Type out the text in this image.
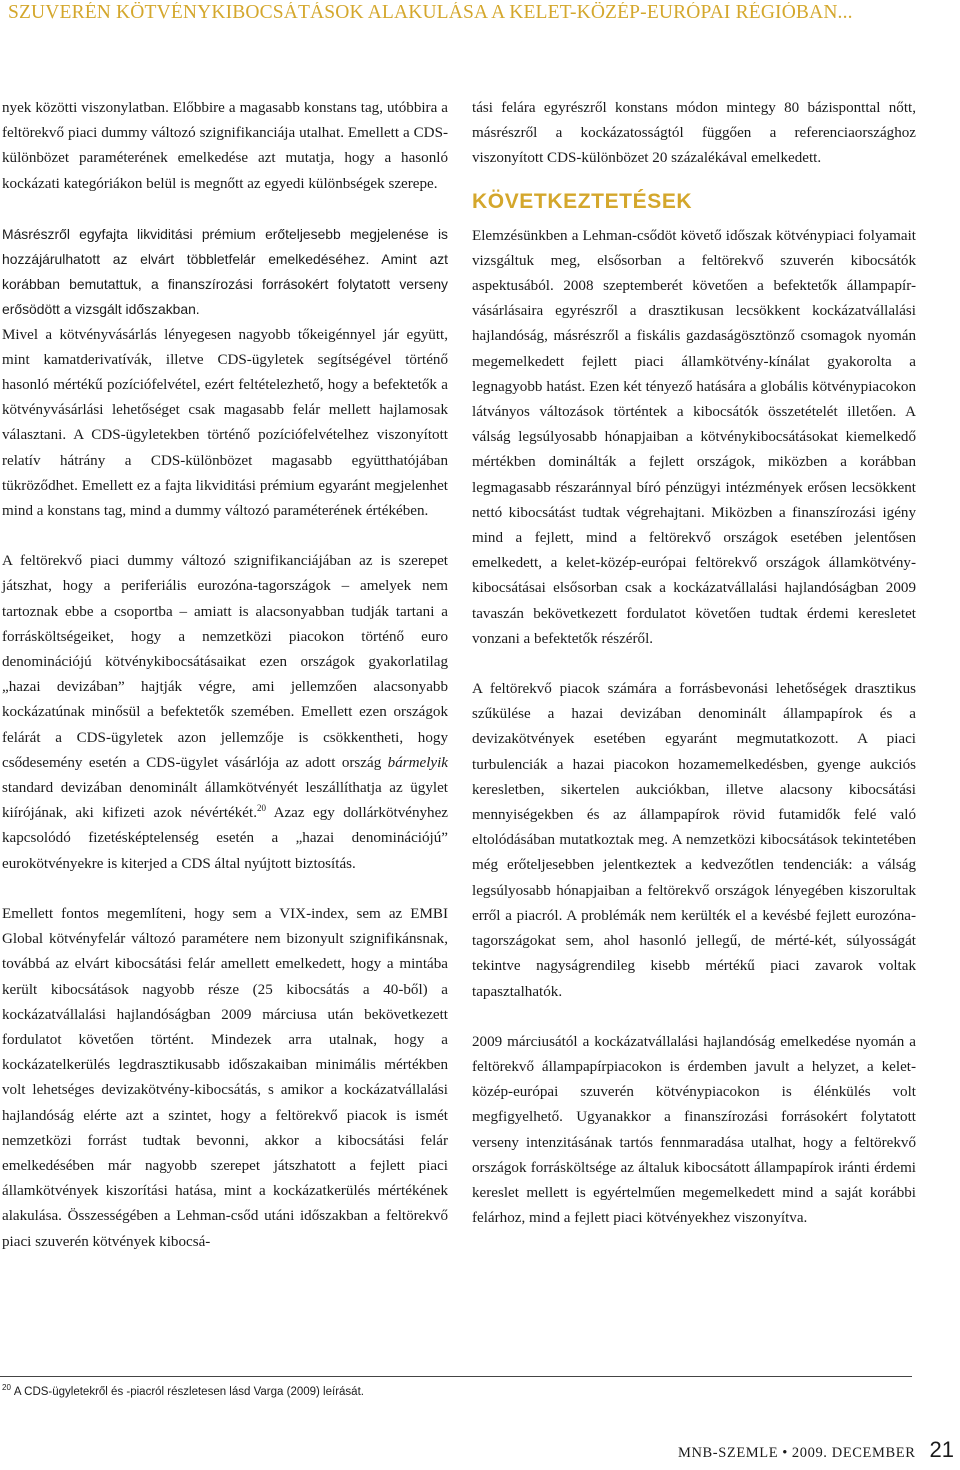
SZUVERÉN KÖTVÉNYKIBOCSÁTÁSOK ALAKULÁSA A KELET-KÖZÉP-EURÓPAI RÉGIÓBAN...

nyek közötti viszonylatban. Előbbire a magasabb konstans tag, utóbbira a feltörekvő piaci dummy változó szignifikanciája utalhat. Emellett a CDS-különbözet paraméterének emelkedése azt mutatja, hogy a hasonló kockázati kategóriákon belül is megnőtt az egyedi különbségek szerepe.

Másrészről egyfajta likviditási prémium erőteljesebb megjelenése is hozzájárulhatott az elvárt többletfelár emelkedéséhez. Amint azt korábban bemutattuk, a finanszírozási forrásokért folytatott verseny erősödött a vizsgált időszakban.

Mivel a kötvényvásárlás lényegesen nagyobb tőkeigénnyel jár együtt, mint kamatderivatívák, illetve CDS-ügyletek segítségével történő hasonló mértékű pozíciófelvétel, ezért feltételezhető, hogy a befektetők a kötvényvásárlási lehetőséget csak magasabb felár mellett hajlamosak választani. A CDS-ügyletekben történő pozíciófelvételhez viszonyított relatív hátrány a CDS-különbözet magasabb együtthatójában tükröződhet. Emellett ez a fajta likviditási prémium egyaránt megjelenhet mind a konstans tag, mind a dummy változó paraméterének értékében.

A feltörekvő piaci dummy változó szignifikanciájában az is szerepet játszhat, hogy a periferiális eurozóna-tagországok – amelyek nem tartoznak ebbe a csoportba – amiatt is alacsonyabban tudják tartani a forrásköltségeiket, hogy a nemzetközi piacokon történő euro denominációjú kötvénykibocsátásaikat ezen országok gyakorlatilag „hazai devizában” hajtják végre, ami jellemzően alacsonyabb kockázatúnak minősül a befektetők szemében. Emellett ezen országok felárát a CDS-ügyletek azon jellemzője is csökkentheti, hogy csődesemény esetén a CDS-ügylet vásárlója az adott ország bármelyik standard devizában denominált államkötvényét leszállíthatja az ügylet kiírójának, aki kifizeti azok névértékét.$^{20}$ Azaz egy dollárkötvényhez kapcsolódó fizetésképtelenség esetén a „hazai denominációjú” eurokötvényekre is kiterjed a CDS által nyújtott biztosítás.

Emellett fontos megemlíteni, hogy sem a VIX-index, sem az EMBI Global kötvényfelár változó paramétere nem bizonyult szignifikánsnak, továbbá az elvárt kibocsátási felár amellett emelkedett, hogy a mintába került kibocsátások nagyobb része (25 kibocsátás a 40-ből) a kockázatvállalási hajlandóságban 2009 márciusa után bekövetkezett fordulatot követően történt. Mindezek arra utalnak, hogy a kockázatelkerülés legdrasztikusabb időszakaiban minimális mértékben volt lehetséges devizakötvény-kibocsátás, s amikor a kockázatvállalási hajlandóság elérte azt a szintet, hogy a feltörekvő piacok is ismét nemzetközi forrást tudtak bevonni, akkor a kibocsátási felár emelkedésében már nagyobb szerepet játszhatott a fejlett piaci államkötvények kiszorítási hatása, mint a kockázatkerülés mértékének alakulása. Összességében a Lehman-csőd utáni időszakban a feltörekvő piaci szuverén kötvények kibocsá-

tási felára egyrészről konstans módon mintegy 80 bázisponttal nőtt, másrészről a kockázatosságtól függően a referenciaországhoz viszonyított CDS-különbözet 20 százalékával emelkedett.

KÖVETKEZTETÉSEK

Elemzésünkben a Lehman-csődöt követő időszak kötvénypiaci folyamait vizsgáltuk meg, elsősorban a feltörekvő szuverén kibocsátók aspektusából. 2008 szeptemberét követően a befektetők állampapír-vásárlásaira egyrészről a drasztikusan lecsökkent kockázatvállalási hajlandóság, másrészről a fiskális gazdaságösztönző csomagok nyomán megemelkedett fejlett piaci államkötvény-kínálat gyakorolta a legnagyobb hatást. Ezen két tényező hatására a globális kötvénypiacokon látványos változások történtek a kibocsátók összetételét illetően. A válság legsúlyosabb hónapjaiban a kötvénykibocsátásokat kiemelkedő mértékben dominálták a fejlett országok, miközben a korábban legmagasabb részaránnyal bíró pénzügyi intézmények erősen lecsökkent nettó kibocsátást tudtak végrehajtani. Miközben a finanszírozási igény mind a fejlett, mind a feltörekvő országok esetében jelentősen emelkedett, a kelet-közép-európai feltörekvő országok államkötvény-kibocsátásai elsősorban csak a kockázatvállalási hajlandóságban 2009 tavaszán bekövetkezett fordulatot követően tudtak érdemi keresletet vonzani a befektetők részéről.

A feltörekvő piacok számára a forrásbevonási lehetőségek drasztikus szűkülése a hazai devizában denominált állampapírok és a devizakötvények esetében egyaránt megmutatkozott. A piaci turbulenciák a hazai piacokon hozamemelkedésben, gyenge aukciós keresletben, sikertelen aukciókban, illetve alacsony kibocsátási mennyiségekben és az állampapírok rövid futamidők felé való eltolódásában mutatkoztak meg. A nemzetközi kibocsátások tekintetében még erőteljesebben jelentkeztek a kedvezőtlen tendenciák: a válság legsúlyosabb hónapjaiban a feltörekvő országok lényegében kiszorultak erről a piacról. A problémák nem kerülték el a kevésbé fejlett eurozóna-tagországokat sem, ahol hasonló jellegű, de mérté-két, súlyosságát tekintve nagyságrendileg kisebb mértékű piaci zavarok voltak tapasztalhatók.

2009 márciusától a kockázatvállalási hajlandóság emelkedése nyomán a feltörekvő állampapírpiacokon is érdemben javult a helyzet, a kelet-közép-európai szuverén kötvénypiacokon is élénkülés volt megfigyelhető. Ugyanakkor a finanszírozási forrásokért folytatott verseny intenzitásának tartós fennmaradása utalhat, hogy a feltörekvő országok forrásköltsége az általuk kibocsátott állampapírok iránti érdemi kereslet mellett is egyértelműen megemelkedett mind a saját korábbi felárhoz, mind a fejlett piaci kötvényekhez viszonyítva.

$^{20}$ A CDS-ügyletekről és -piacról részletesen lásd Varga (2009) leírását.
MNB-SZEMLE • 2009. DECEMBER 21
